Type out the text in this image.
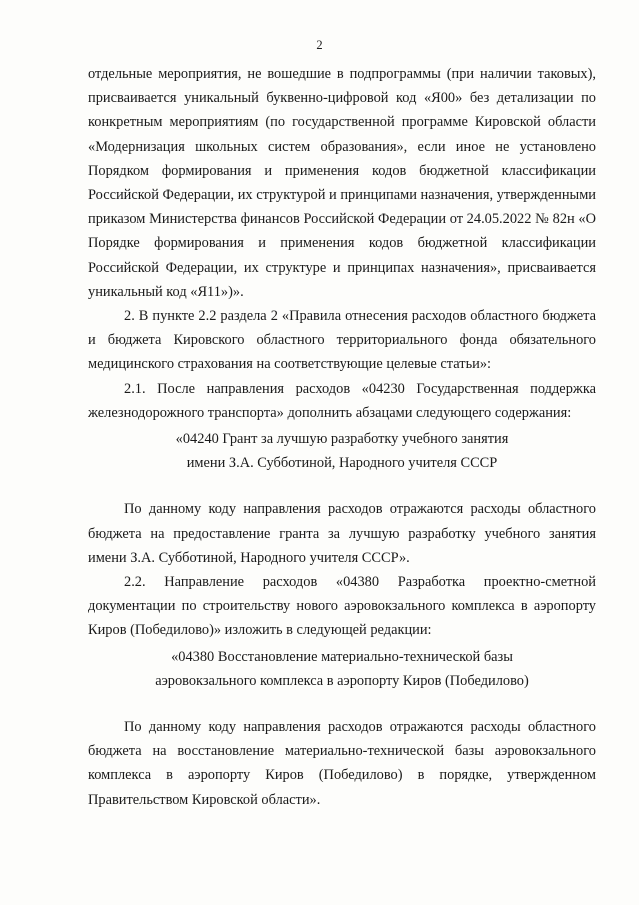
2

отдельные мероприятия, не вошедшие в подпрограммы (при наличии таковых), присваивается уникальный буквенно-цифровой код «Я00» без детализации по конкретным мероприятиям (по государственной программе Кировской области «Модернизация школьных систем образования», если иное не установлено Порядком формирования и применения кодов бюджетной классификации Российской Федерации, их структурой и принципами назначения, утвержденными приказом Министерства финансов Российской Федерации от 24.05.2022 № 82н «О Порядке формирования и применения кодов бюджетной классификации Российской Федерации, их структуре и принципах назначения», присваивается уникальный код «Я11»)».

2. В пункте 2.2 раздела 2 «Правила отнесения расходов областного бюджета и бюджета Кировского областного территориального фонда обязательного медицинского страхования на соответствующие целевые статьи»:

2.1. После направления расходов «04230 Государственная поддержка железнодорожного транспорта» дополнить абзацами следующего содержания:

«04240 Грант за лучшую разработку учебного занятия

имени З.А. Субботиной, Народного учителя СССР

По данному коду направления расходов отражаются расходы областного бюджета на предоставление гранта за лучшую разработку учебного занятия имени З.А. Субботиной, Народного учителя СССР».

2.2. Направление расходов «04380 Разработка проектно-сметной документации по строительству нового аэровокзального комплекса в аэропорту Киров (Победилово)» изложить в следующей редакции:

«04380 Восстановление материально-технической базы

аэровокзального комплекса в аэропорту Киров (Победилово)

По данному коду направления расходов отражаются расходы областного бюджета на восстановление материально-технической базы аэровокзального комплекса в аэропорту Киров (Победилово) в порядке, утвержденном Правительством Кировской области».
